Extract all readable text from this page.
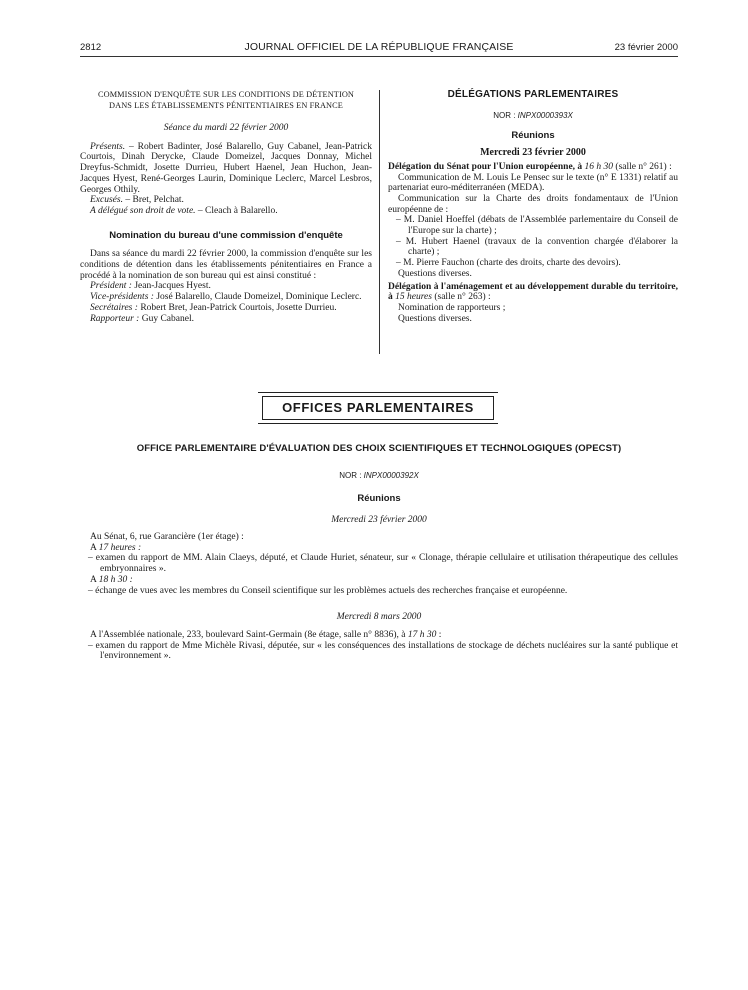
2812	JOURNAL OFFICIEL DE LA RÉPUBLIQUE FRANÇAISE	23 février 2000

COMMISSION D'ENQUÊTE SUR LES CONDITIONS DE DÉTENTION

DANS LES ÉTABLISSEMENTS PÉNITENTIAIRES EN FRANCE

Séance du mardi 22 février 2000

Présents. – Robert Badinter, José Balarello, Guy Cabanel, Jean-Patrick Courtois, Dinah Derycke, Claude Domeizel, Jacques Donnay, Michel Dreyfus-Schmidt, Josette Durrieu, Hubert Haenel, Jean Huchon, Jean-Jacques Hyest, René-Georges Laurin, Dominique Leclerc, Marcel Lesbros, Georges Othily.

Excusés. – Bret, Pelchat.

A délégué son droit de vote. – Cleach à Balarello.

Nomination du bureau d'une commission d'enquête

Dans sa séance du mardi 22 février 2000, la commission d'enquête sur les conditions de détention dans les établissements pénitentiaires en France a procédé à la nomination de son bureau qui est ainsi constitué :

Président : Jean-Jacques Hyest.

Vice-présidents : José Balarello, Claude Domeizel, Dominique Leclerc.

Secrétaires : Robert Bret, Jean-Patrick Courtois, Josette Durrieu.

Rapporteur : Guy Cabanel.

DÉLÉGATIONS PARLEMENTAIRES

NOR : INPX0000393X

Réunions

Mercredi 23 février 2000

Délégation du Sénat pour l'Union européenne, à 16 h 30 (salle n° 261) :

Communication de M. Louis Le Pensec sur le texte (n° E 1331) relatif au partenariat euro-méditerranéen (MEDA).

Communication sur la Charte des droits fondamentaux de l'Union européenne de :

– M. Daniel Hoeffel (débats de l'Assemblée parlementaire du Conseil de l'Europe sur la charte) ;

– M. Hubert Haenel (travaux de la convention chargée d'élaborer la charte) ;

– M. Pierre Fauchon (charte des droits, charte des devoirs).

Questions diverses.

Délégation à l'aménagement et au développement durable du territoire, à 15 heures (salle n° 263) :

Nomination de rapporteurs ;

Questions diverses.

OFFICES PARLEMENTAIRES
OFFICE PARLEMENTAIRE D'ÉVALUATION DES CHOIX SCIENTIFIQUES ET TECHNOLOGIQUES (OPECST)
NOR : INPX0000392X
Réunions
Mercredi 23 février 2000

Au Sénat, 6, rue Garancière (1er étage) :

A 17 heures :

– examen du rapport de MM. Alain Claeys, député, et Claude Huriet, sénateur, sur « Clonage, thérapie cellulaire et utilisation thérapeutique des cellules embryonnaires ».

A 18 h 30 :

– échange de vues avec les membres du Conseil scientifique sur les problèmes actuels des recherches française et européenne.

Mercredi 8 mars 2000

A l'Assemblée nationale, 233, boulevard Saint-Germain (8e étage, salle n° 8836), à 17 h 30 :

– examen du rapport de Mme Michèle Rivasi, députée, sur « les conséquences des installations de stockage de déchets nucléaires sur la santé publique et l'environnement ».
